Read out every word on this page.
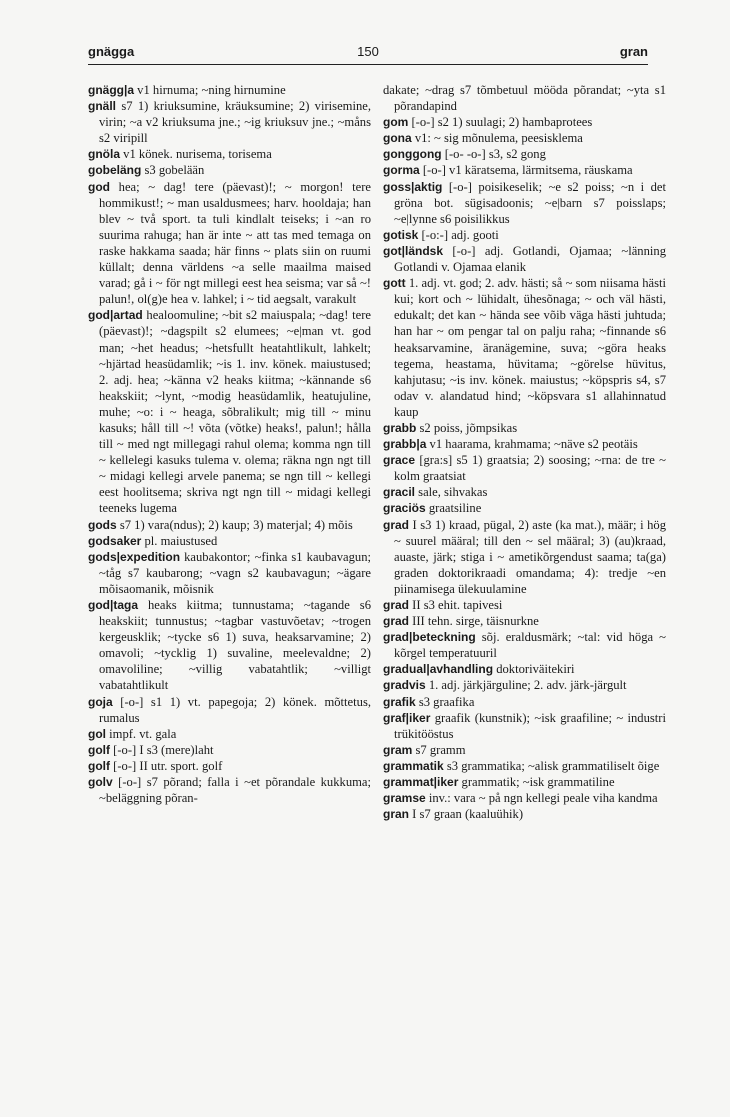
gnägga	150	gran

gnägg|a v1 hirnuma; ~ning hirnumine

gnäll s7 1) kriuksumine, kräuksumine; 2) virisemine, virin; ~a v2 kriuksuma jne.; ~ig kriuksuv jne.; ~måns s2 viripill

gnöla v1 könek. nurisema, torisema

gobeläng s3 gobelään

god hea; ~ dag! tere (päevast)!; ~ morgon! tere hommikust!; ~ man usaldusmees; harv. hooldaja; han blev ~ två sport. ta tuli kindlalt teiseks; i ~an ro suurima rahuga; han är inte ~ att tas med temaga on raske hakkama saada; här finns ~ plats siin on ruumi küllalt; denna världens ~a selle maailma maised varad; gå i ~ för ngt millegi eest hea seisma; var så ~! palun!, ol(g)e hea v. lahkel; i ~ tid aegsalt, varakult

god|artad healoomuline; ~bit s2 maiuspala; ~dag! tere (päevast)!; ~dagspilt s2 elumees; ~e|man vt. god man; ~het headus; ~hetsfullt heatahtlikult, lahkelt; ~hjärtad heasüdamlik; ~is 1. inv. könek. maiustused; 2. adj. hea; ~känna v2 heaks kiitma; ~kännande s6 heakskiit; ~lynt, ~modig heasüdamlik, heatujuline, muhe; ~o: i ~ heaga, sõbralikult; mig till ~ minu kasuks; håll till ~! võta (võtke) heaks!, palun!; hålla till ~ med ngt millegagi rahul olema; komma ngn till ~ kellelegi kasuks tulema v. olema; räkna ngn ngt till ~ midagi kellegi arvele panema; se ngn till ~ kellegi eest hoolitsema; skriva ngt ngn till ~ midagi kellegi teeneks lugema

gods s7 1) vara(ndus); 2) kaup; 3) materjal; 4) mõis

godsaker pl. maiustused

gods|expedition kaubakontor; ~finka s1 kaubavagun; ~tåg s7 kaubarong; ~vagn s2 kaubavagun; ~ägare mõisaomanik, mõisnik

god|taga heaks kiitma; tunnustama; ~tagande s6 heakskiit; tunnustus; ~tagbar vastuvõetav; ~trogen kergeusklik; ~tycke s6 1) suva, heaksarvamine; 2) omavoli; ~tycklig 1) suvaline, meelevaldne; 2) omavoliline; ~villig vabatahtlik; ~villigt vabatahtlikult

goja [-o-] s1 1) vt. papegoja; 2) könek. mõttetus, rumalus

gol impf. vt. gala

golf [-o-] I s3 (mere)laht

golf [-o-] II utr. sport. golf

golv [-o-] s7 põrand; falla i ~et põrandale kukkuma; ~beläggning põran-

dakate; ~drag s7 tõmbetuul mööda põrandat; ~yta s1 põrandapind

gom [-o-] s2 1) suulagi; 2) hambaprotees

gona v1: ~ sig mõnulema, peesisklema

gonggong [-o- -o-] s3, s2 gong

gorma [-o-] v1 käratsema, lärmitsema, räuskama

goss|aktig [-o-] poisikeselik; ~e s2 poiss; ~n i det gröna bot. sügisadoonis; ~e|barn s7 poisslaps; ~e|lynne s6 poisilikkus

gotisk [-o:-] adj. gooti

got|ländsk [-o-] adj. Gotlandi, Ojamaa; ~länning Gotlandi v. Ojamaa elanik

gott 1. adj. vt. god; 2. adv. hästi; så ~ som niisama hästi kui; kort och ~ lühidalt, ühesõnaga; ~ och väl hästi, edukalt; det kan ~ hända see võib väga hästi juhtuda; han har ~ om pengar tal on palju raha; ~finnande s6 heaksarvamine, äranägemine, suva; ~göra heaks tegema, heastama, hüvitama; ~görelse hüvitus, kahjutasu; ~is inv. könek. maiustus; ~köpspris s4, s7 odav v. alandatud hind; ~köpsvara s1 allahinnatud kaup

grabb s2 poiss, jõmpsikas

grabb|a v1 haarama, krahmama; ~näve s2 peotäis

grace [gra:s] s5 1) graatsia; 2) soosing; ~rna: de tre ~ kolm graatsiat

gracil sale, sihvakas

graciös graatsiline

grad I s3 1) kraad, pügal, 2) aste (ka mat.), määr; i hög ~ suurel määral; till den ~ sel määral; 3) (au)kraad, auaste, järk; stiga i ~ ametikõrgendust saama; ta(ga) graden doktorikraadi omandama; 4): tredje ~en piinamisega ülekuulamine

grad II s3 ehit. tapivesi

grad III tehn. sirge, täisnurkne

grad|beteckning sõj. eraldusmärk; ~tal: vid höga ~ kõrgel temperatuuril

gradual|avhandling doktoriväitekiri

gradvis 1. adj. järkjärguline; 2. adv. järk-järgult

grafik s3 graafika

graf|iker graafik (kunstnik); ~isk graafiline; ~ industri trükitööstus

gram s7 gramm

grammatik s3 grammatika; ~alisk grammatiliselt õige

grammat|iker grammatik; ~isk grammatiline

gramse inv.: vara ~ på ngn kellegi peale viha kandma

gran I s7 graan (kaaluühik)
